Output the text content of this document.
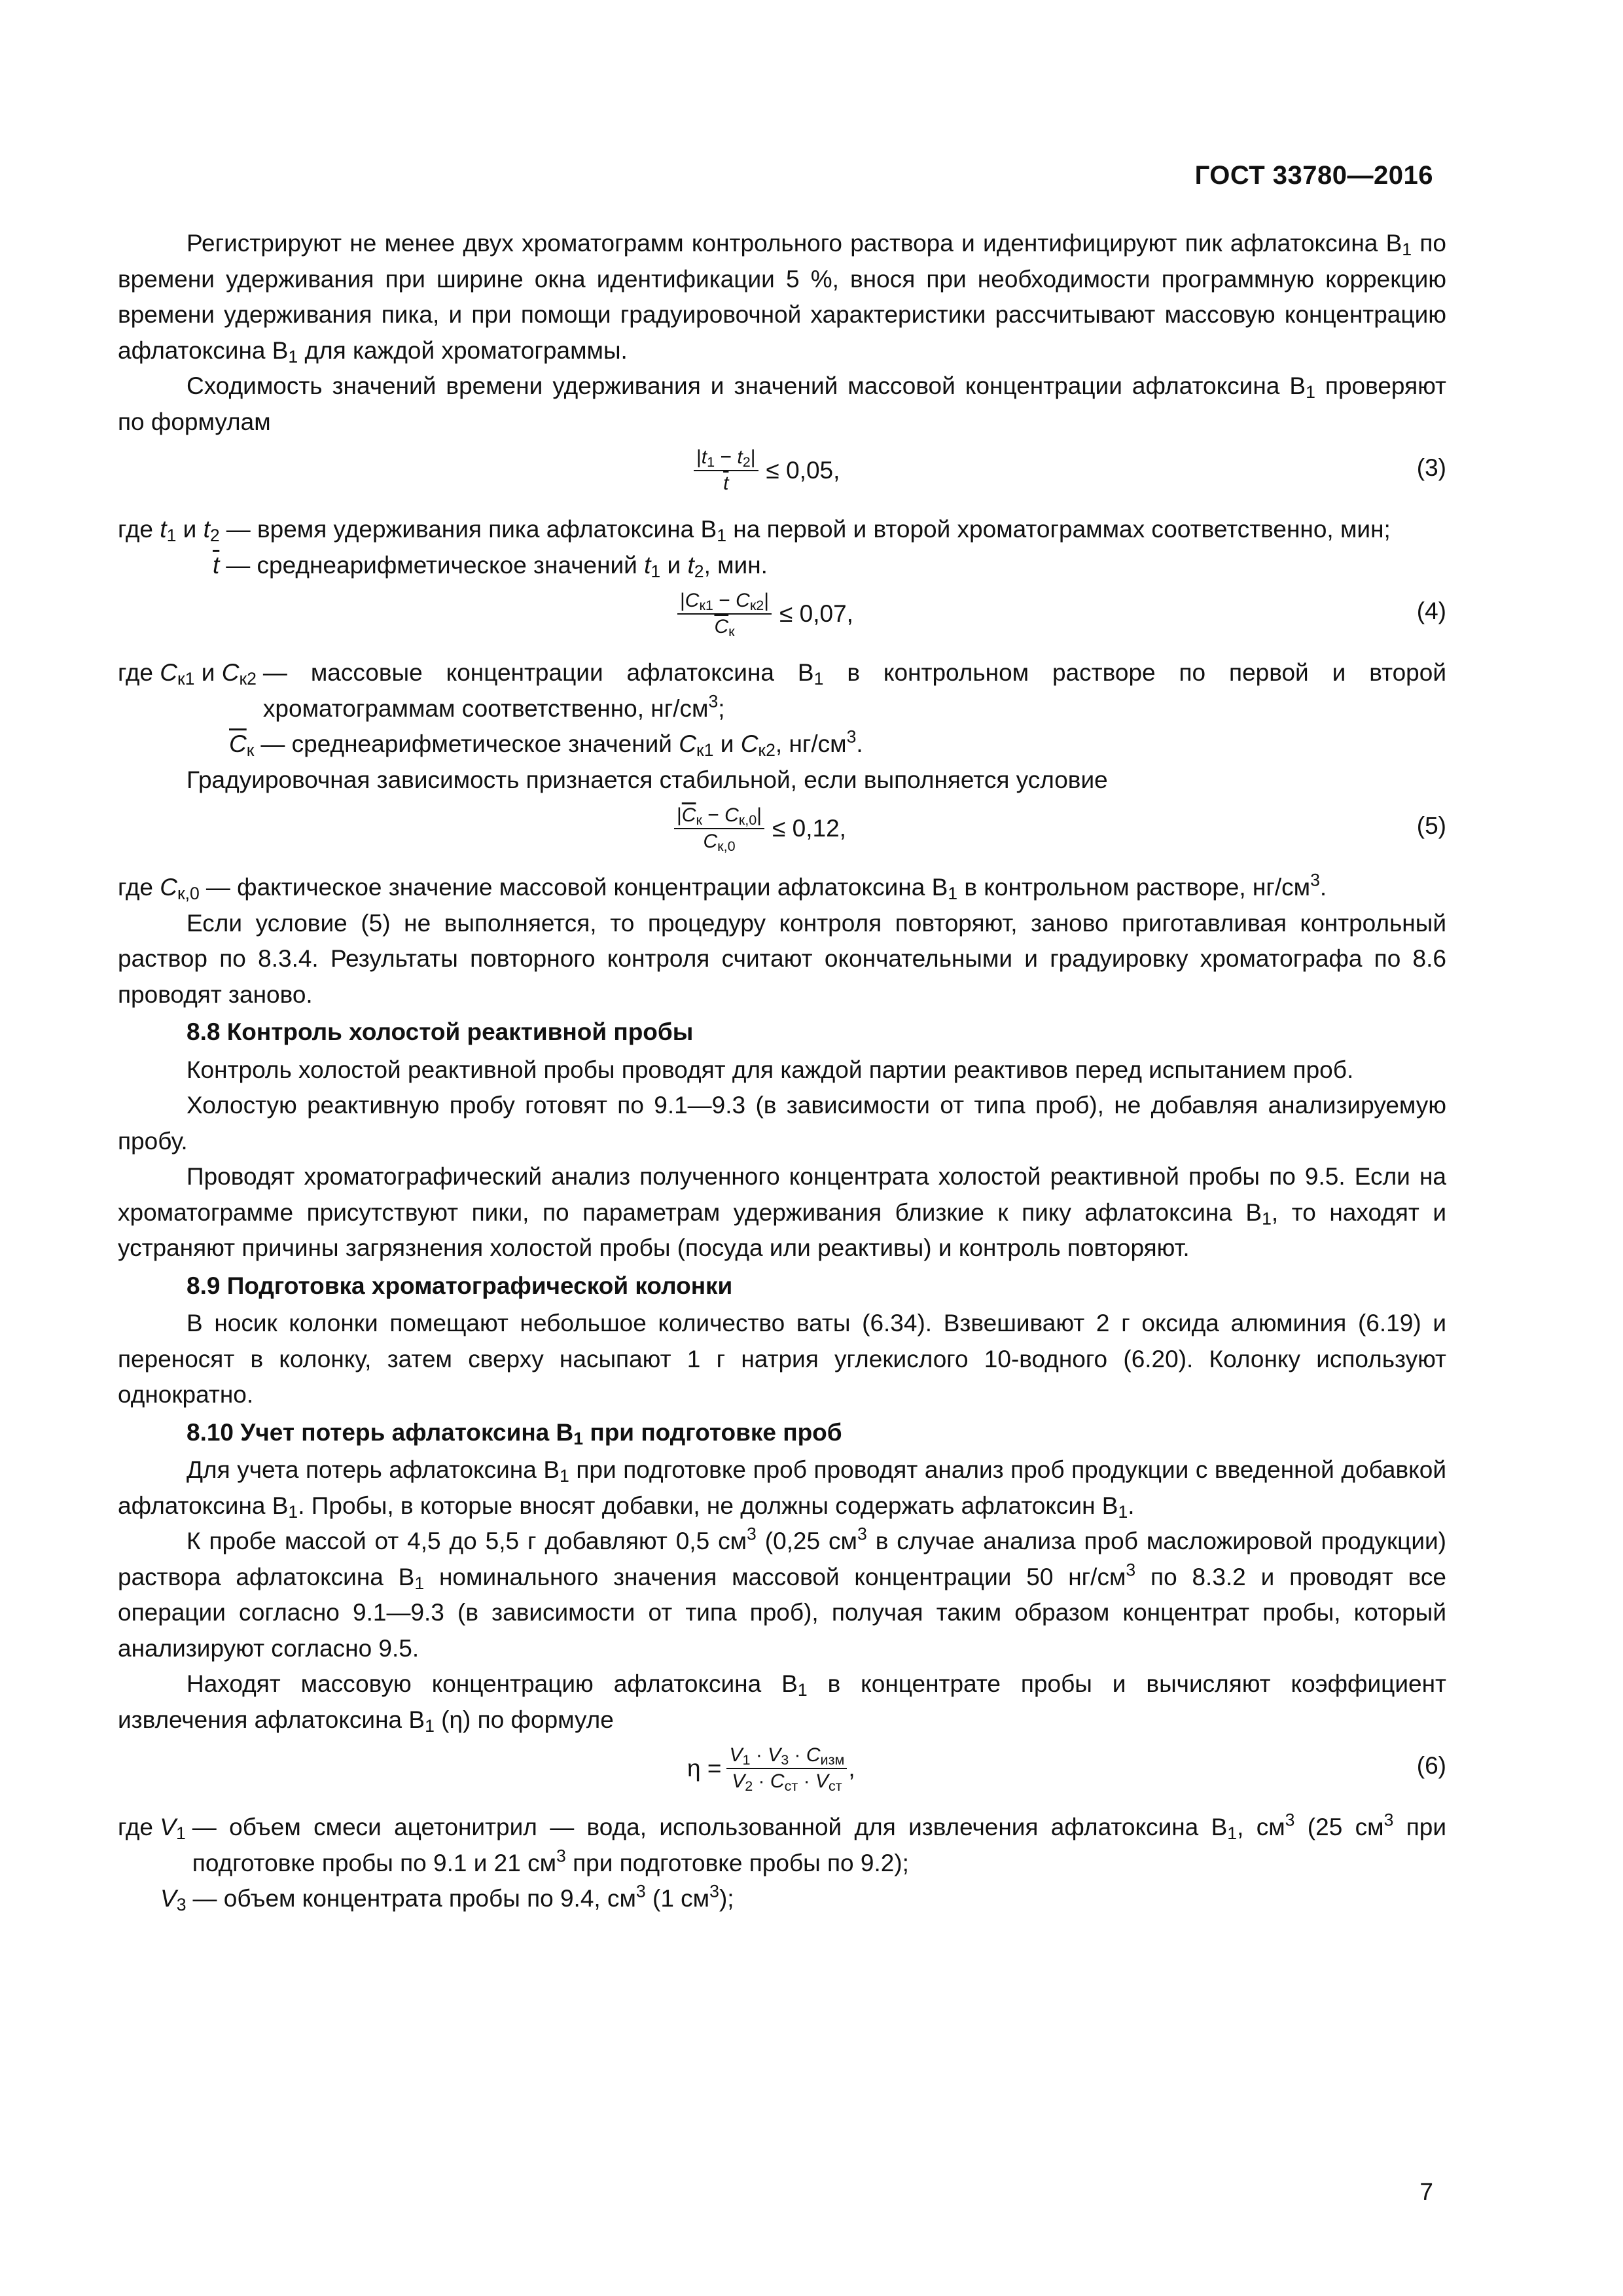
ГОСТ 33780—2016

Регистрируют не менее двух хроматограмм контрольного раствора и идентифицируют пик афлатоксина $B_1$ по времени удерживания при ширине окна идентификации 5 %, внося при необходимости программную коррекцию времени удерживания пика, и при помощи градуировочной характеристики рассчитывают массовую концентрацию афлатоксина $B_1$ для каждой хроматограммы.

Сходимость значений времени удерживания и значений массовой концентрации афлатоксина $B_1$ проверяют по формулам

$\frac{|t_1 - t_2|}{t} \le 0,05$,	(3)
где $t_1$ и $t_2$ — время удерживания пика афлатоксина $B_1$ на первой и второй хроматограммах соответственно, мин;
$\overline{t}$ — среднеарифметическое значений $t_1$ и $t_2$, мин.
$\frac{|C_{к1} - C_{к2}|}{\overline{C}_к} \le 0,07$,	(4)
где $C_{к1}$ и $C_{к2}$ — массовые концентрации афлатоксина $B_1$ в контрольном растворе по первой и второй хроматограммам соответственно, $нг/см^3$;
$\overline{C}_к$ — среднеарифметическое значений $C_{к1}$ и $C_{к2}$, $нг/см^3$.

Градуировочная зависимость признается стабильной, если выполняется условие

$\frac{|\overline{C}_к - C_{к,0}|}{C_{к,0}} \le 0,12$,	(5)
где $C_{к,0}$ — фактическое значение массовой концентрации афлатоксина $B_1$ в контрольном растворе, $нг/см^3$.

Если условие (5) не выполняется, то процедуру контроля повторяют, заново приготавливая контрольный раствор по 8.3.4. Результаты повторного контроля считают окончательными и градуировку хроматографа по 8.6 проводят заново.

8.8 Контроль холостой реактивной пробы

Контроль холостой реактивной пробы проводят для каждой партии реактивов перед испытанием проб.

Холостую реактивную пробу готовят по 9.1—9.3 (в зависимости от типа проб), не добавляя анализируемую пробу.

Проводят хроматографический анализ полученного концентрата холостой реактивной пробы по 9.5. Если на хроматограмме присутствуют пики, по параметрам удерживания близкие к пику афлатоксина $B_1$, то находят и устраняют причины загрязнения холостой пробы (посуда или реактивы) и контроль повторяют.

8.9 Подготовка хроматографической колонки

В носик колонки помещают небольшое количество ваты (6.34). Взвешивают 2 г оксида алюминия (6.19) и переносят в колонку, затем сверху насыпают 1 г натрия углекислого 10-водного (6.20). Колонку используют однократно.

8.10 Учет потерь афлатоксина $B_1$ при подготовке проб

Для учета потерь афлатоксина $B_1$ при подготовке проб проводят анализ проб продукции с введенной добавкой афлатоксина $B_1$. Пробы, в которые вносят добавки, не должны содержать афлатоксин $B_1$.

К пробе массой от 4,5 до 5,5 г добавляют 0,5 $см^3$ (0,25 $см^3$ в случае анализа проб масложировой продукции) раствора афлатоксина $B_1$ номинального значения массовой концентрации 50 $нг/см^3$ по 8.3.2 и проводят все операции согласно 9.1—9.3 (в зависимости от типа проб), получая таким образом концентрат пробы, который анализируют согласно 9.5.

Находят массовую концентрацию афлатоксина $B_1$ в концентрате пробы и вычисляют коэффициент извлечения афлатоксина $B_1$ (η) по формуле

$\eta = \frac{V_1 \cdot V_3 \cdot C_{изм}}{V_2 \cdot C_{ст} \cdot V_{ст}}$ ,	(6)
где $V_1$ — объем смеси ацетонитрил — вода, использованной для извлечения афлатоксина $B_1$, $см^3$ (25 $см^3$ при подготовке пробы по 9.1 и 21 $см^3$ при подготовке пробы по 9.2);
$V_3$ — объем концентрата пробы по 9.4, $см^3$ (1 $см^3$);
7
